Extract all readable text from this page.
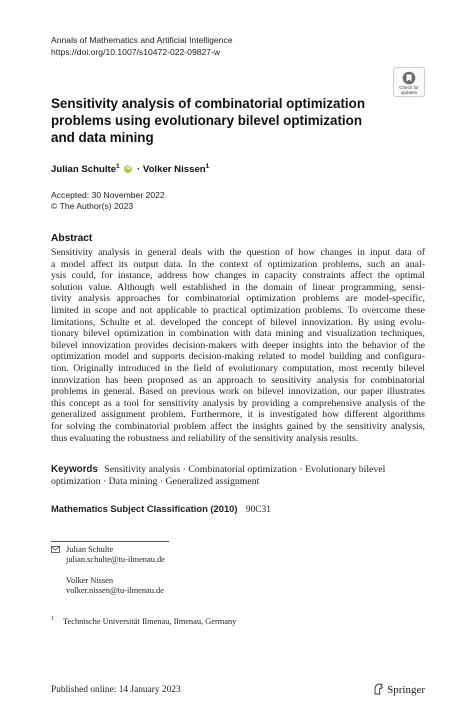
Annals of Mathematics and Artificial Intelligence
https://doi.org/10.1007/s10472-022-09827-w
Check for
updates
Sensitivity analysis of combinatorial optimization problems using evolutionary bilevel optimization and data mining
Julian Schulte$^1$ iD · Volker Nissen$^1$
Accepted: 30 November 2022
© The Author(s) 2023
Abstract
Sensitivity analysis in general deals with the question of how changes in input data of
a model affect its output data. In the context of optimization problems, such an anal-
ysis could, for instance, address how changes in capacity constraints affect the optimal
solution value. Although well established in the domain of linear programming, sensi-
tivity analysis approaches for combinatorial optimization problems are model-specific,
limited in scope and not applicable to practical optimization problems. To overcome these
limitations, Schulte et al. developed the concept of bilevel innovization. By using evolu-
tionary bilevel optimization in combination with data mining and visualization techniques,
bilevel innovization provides decision-makers with deeper insights into the behavior of the
optimization model and supports decision-making related to model building and configura-
tion. Originally introduced in the field of evolutionary computation, most recently bilevel
innovization has been proposed as an approach to sensitivity analysis for combinatorial
problems in general. Based on previous work on bilevel innovization, our paper illustrates
this concept as a tool for sensitivity analysis by providing a comprehensive analysis of the
generalized assignment problem. Furthermore, it is investigated how different algorithms
for solving the combinatorial problem affect the insights gained by the sensitivity analysis,
thus evaluating the robustness and reliability of the sensitivity analysis results.
Keywords Sensitivity analysis · Combinatorial optimization · Evolutionary bilevel optimization · Data mining · Generalized assignment
Mathematics Subject Classification (2010) 90C31
Julian Schulte
julian.schulte@tu-ilmenau.de
Volker Nissen
volker.nissen@tu-ilmenau.de
$^1$ Technische Universität Ilmenau, Ilmenau, Germany
Published online: 14 January 2023	Springer
